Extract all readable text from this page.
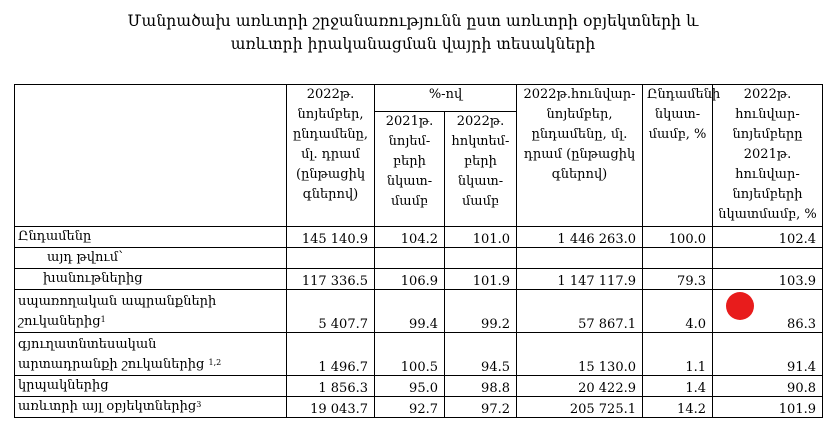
Մանրածախ առևտրի շրջանառությունն ըստ առևտրի օբյեկտների և
առևտրի իրականացման վայրի տեսակների
	2022թ. նոյեմբեր, ընդամենը, մլ. դրամ (ընթացիկ գներով)	%-ով		2022թ.հունվար- նոյեմբեր, ընդամենը, մլ. դրամ (ընթացիկ գներով)	Ընդամենի նկատ- մամբ, %	2022թ. հունվար- նոյեմբերը 2021թ. հունվար- նոյեմբերի նկատմամբ, %
		2021թ. նոյեմ- բերի նկատ- մամբ	2022թ. հոկտեմ- բերի նկատ- մամբ			
Ընդամենը	145 140.9	104.2	101.0	1 446 263.0	100.0	102.4
այդ թվում`						
խանութներից	117 336.5	106.9	101.9	1 147 117.9	79.3	103.9

սպառողական ապրանքների
շուկաներից$^1$	5 407.7	99.4	99.2	57 867.1	4.0	86.3

գյուղատնտեսական
արտադրանքի շուկաներից $^{1,2}$	1 496.7	100.5	94.5	15 130.0	1.1	91.4
կրպակներից	1 856.3	95.0	98.8	20 422.9	1.4	90.8
առևտրի այլ օբյեկտներից$^3$	19 043.7	92.7	97.2	205 725.1	14.2	101.9
